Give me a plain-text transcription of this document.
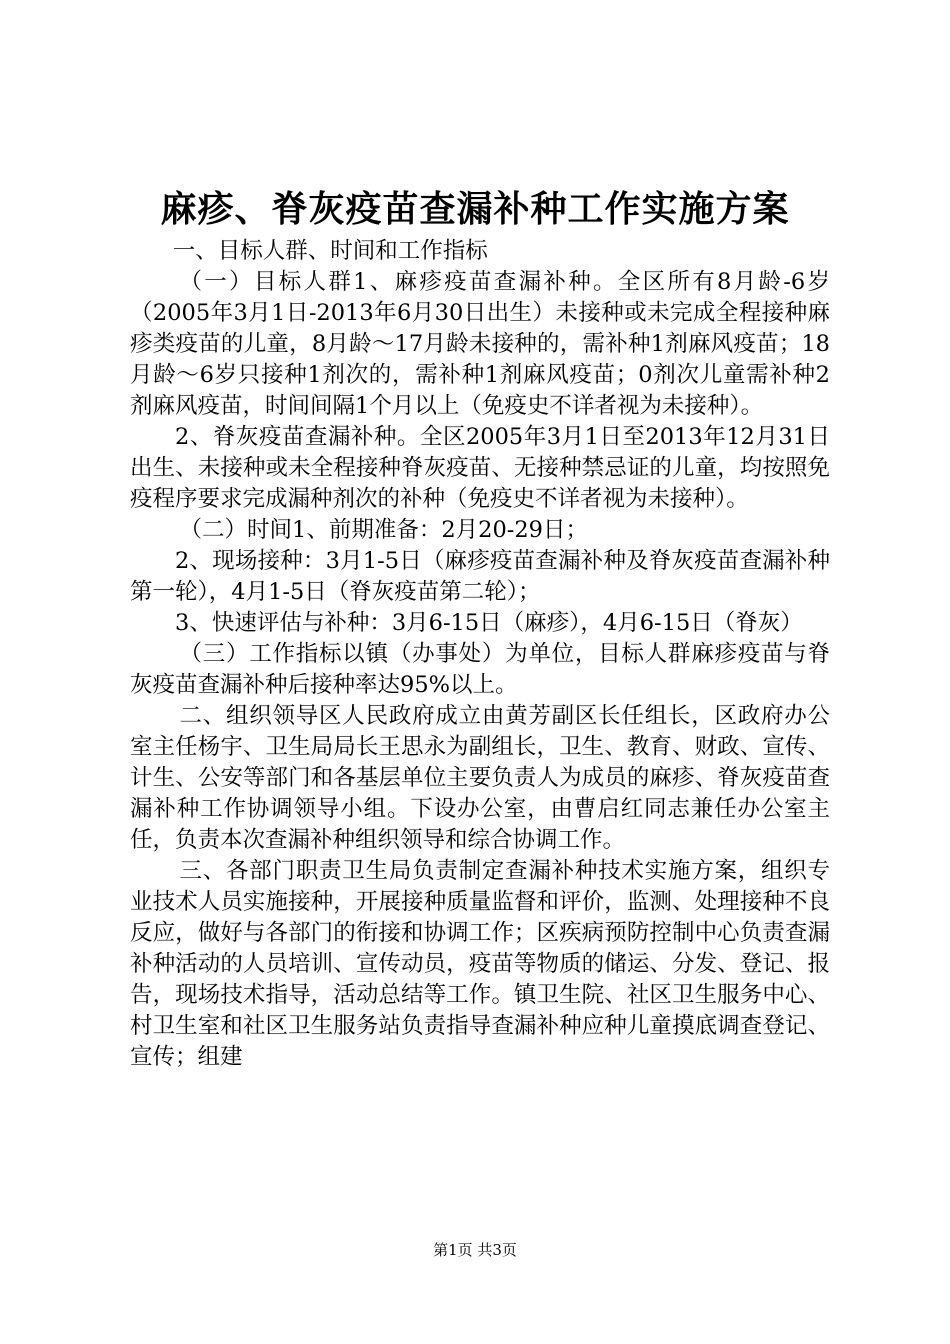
麻疹、脊灰疫苗查漏补种工作实施方案

一、目标人群、时间和工作指标

（一）目标人群1、麻疹疫苗查漏补种。全区所有8月龄-6岁（2005年3月1日-2013年6月30日出生）未接种或未完成全程接种麻疹类疫苗的儿童，8月龄～17月龄未接种的，需补种1剂麻风疫苗；18月龄～6岁只接种1剂次的，需补种1剂麻风疫苗；0剂次儿童需补种2剂麻风疫苗，时间间隔1个月以上（免疫史不详者视为未接种）。

2、脊灰疫苗查漏补种。全区2005年3月1日至2013年12月31日出生、未接种或未全程接种脊灰疫苗、无接种禁忌证的儿童，均按照免疫程序要求完成漏种剂次的补种（免疫史不详者视为未接种）。

（二）时间1、前期准备：2月20-29日；

2、现场接种：3月1-5日（麻疹疫苗查漏补种及脊灰疫苗查漏补种第一轮），4月1-5日（脊灰疫苗第二轮）；

3、快速评估与补种：3月6-15日（麻疹），4月6-15日（脊灰）

（三）工作指标以镇（办事处）为单位，目标人群麻疹疫苗与脊灰疫苗查漏补种后接种率达95%以上。

二、组织领导区人民政府成立由黄芳副区长任组长，区政府办公室主任杨宇、卫生局局长王思永为副组长，卫生、教育、财政、宣传、计生、公安等部门和各基层单位主要负责人为成员的麻疹、脊灰疫苗查漏补种工作协调领导小组。下设办公室，由曹启红同志兼任办公室主任，负责本次查漏补种组织领导和综合协调工作。

三、各部门职责卫生局负责制定查漏补种技术实施方案，组织专业技术人员实施接种，开展接种质量监督和评价，监测、处理接种不良反应，做好与各部门的衔接和协调工作；区疾病预防控制中心负责查漏补种活动的人员培训、宣传动员，疫苗等物质的储运、分发、登记、报告，现场技术指导，活动总结等工作。镇卫生院、社区卫生服务中心、村卫生室和社区卫生服务站负责指导查漏补种应种儿童摸底调查登记、宣传；组建

第1页 共3页
